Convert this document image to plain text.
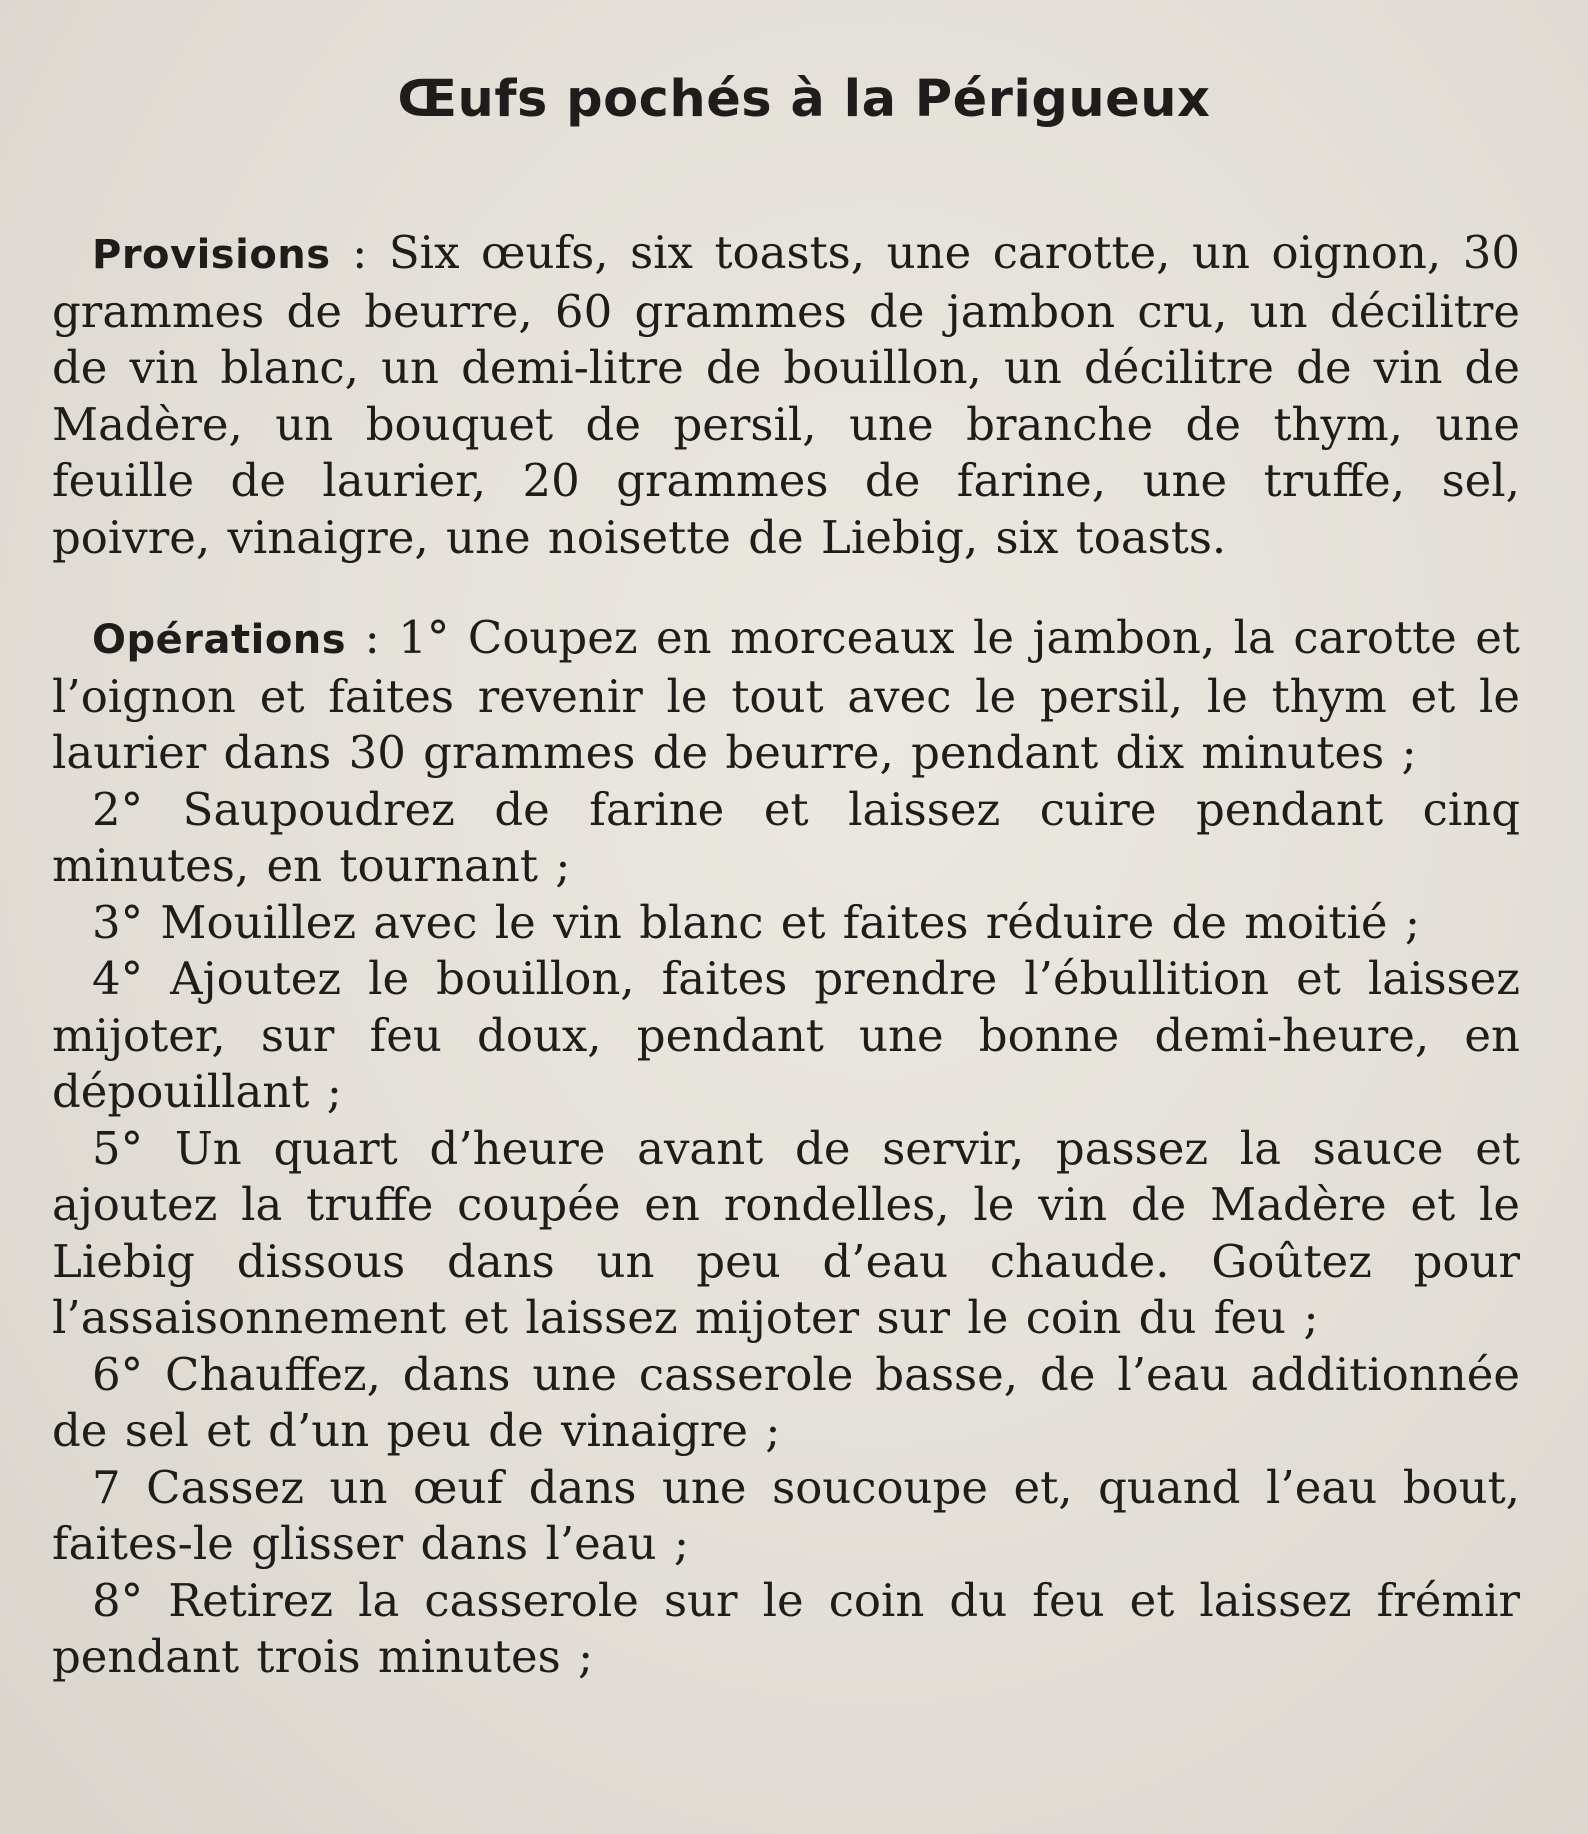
Œufs pochés à la Périgueux

Provisions : Six œufs, six toasts, une carotte, un oignon, 30 grammes de beurre, 60 grammes de jambon cru, un décilitre de vin blanc, un demi-litre de bouillon, un décilitre de vin de Madère, un bouquet de persil, une branche de thym, une feuille de laurier, 20 grammes de farine, une truffe, sel, poivre, vinaigre, une noisette de Liebig, six toasts.

Opérations : 1° Coupez en morceaux le jambon, la carotte et l’oignon et faites revenir le tout avec le persil, le thym et le laurier dans 30 grammes de beurre, pendant dix minutes ;

2° Saupoudrez de farine et laissez cuire pendant cinq minutes, en tournant ;

3° Mouillez avec le vin blanc et faites réduire de moitié ;

4° Ajoutez le bouillon, faites prendre l’ébullition et laissez mijoter, sur feu doux, pendant une bonne demi-heure, en dépouillant ;

5° Un quart d’heure avant de servir, passez la sauce et ajoutez la truffe coupée en rondelles, le vin de Madère et le Liebig dissous dans un peu d’eau chaude. Goûtez pour l’assaisonnement et laissez mijoter sur le coin du feu ;

6° Chauffez, dans une casserole basse, de l’eau additionnée de sel et d’un peu de vinaigre ;

7 Cassez un œuf dans une soucoupe et, quand l’eau bout, faites-le glisser dans l’eau ;

8° Retirez la casserole sur le coin du feu et laissez frémir pendant trois minutes ;
